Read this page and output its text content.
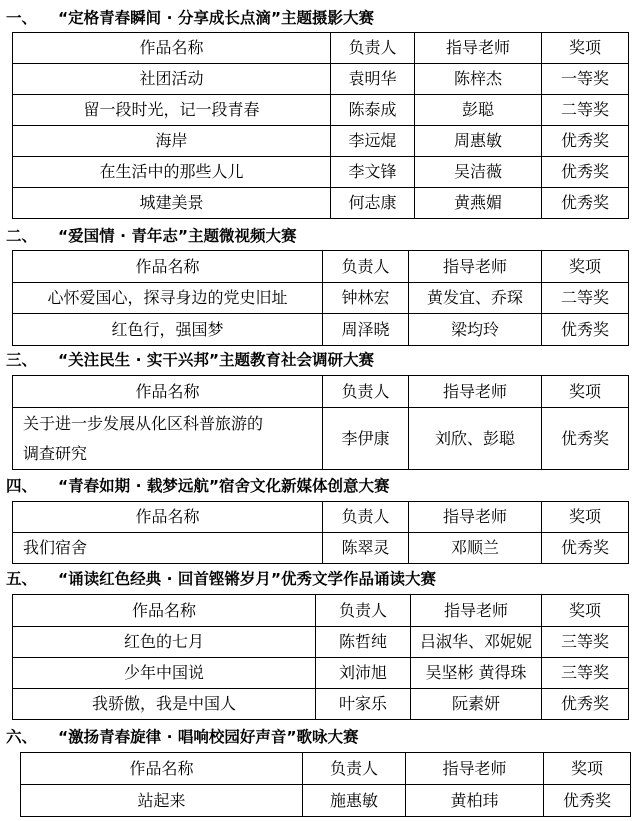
一、 “定格青春瞬间 · 分享成长点滴”主题摄影大赛
作品名称	负责人	指导老师	奖项
社团活动	袁明华	陈梓杰	一等奖
留一段时光，记一段青春	陈泰成	彭聪	二等奖
海岸	李远焜	周惠敏	优秀奖
在生活中的那些人儿	李文锋	吴洁薇	优秀奖
城建美景	何志康	黄燕媚	优秀奖
二、 “爱国情 · 青年志”主题微视频大赛
作品名称	负责人	指导老师	奖项
心怀爱国心，探寻身边的党史旧址	钟林宏	黄发宜、乔琛	二等奖
红色行，强国梦	周泽晓	梁均玲	优秀奖
三、 “关注民生 · 实干兴邦”主题教育社会调研大赛
作品名称	负责人	指导老师	奖项

关于进一步发展从化区科普旅游的
调查研究	李伊康	刘欣、彭聪	优秀奖
四、 “青春如期 · 载梦远航”宿舍文化新媒体创意大赛
作品名称	负责人	指导老师	奖项
我们宿舍	陈翠灵	邓顺兰	优秀奖
五、 “诵读红色经典 · 回首铿锵岁月”优秀文学作品诵读大赛
作品名称	负责人	指导老师	奖项
红色的七月	陈哲纯	吕淑华、邓妮妮	三等奖
少年中国说	刘沛旭	吴坚彬 黄得珠	三等奖
我骄傲，我是中国人	叶家乐	阮素妍	优秀奖
六、 “激扬青春旋律 · 唱响校园好声音”歌咏大赛
作品名称	负责人	指导老师	奖项
站起来	施惠敏	黄柏玮	优秀奖
